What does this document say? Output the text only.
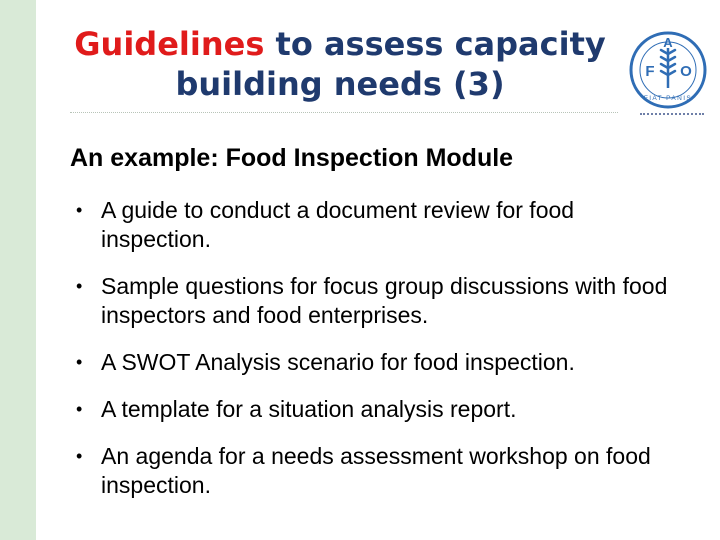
Guidelines to assess capacity
building needs (3)	F
A
O
FIAT PANIS
An example: Food Inspection Module
• A guide to conduct a document review for food inspection.
• Sample questions for focus group discussions with food inspectors and food enterprises.
• A SWOT Analysis scenario for food inspection.
• A template for a situation analysis report.
• An agenda for a needs assessment workshop on food inspection.
